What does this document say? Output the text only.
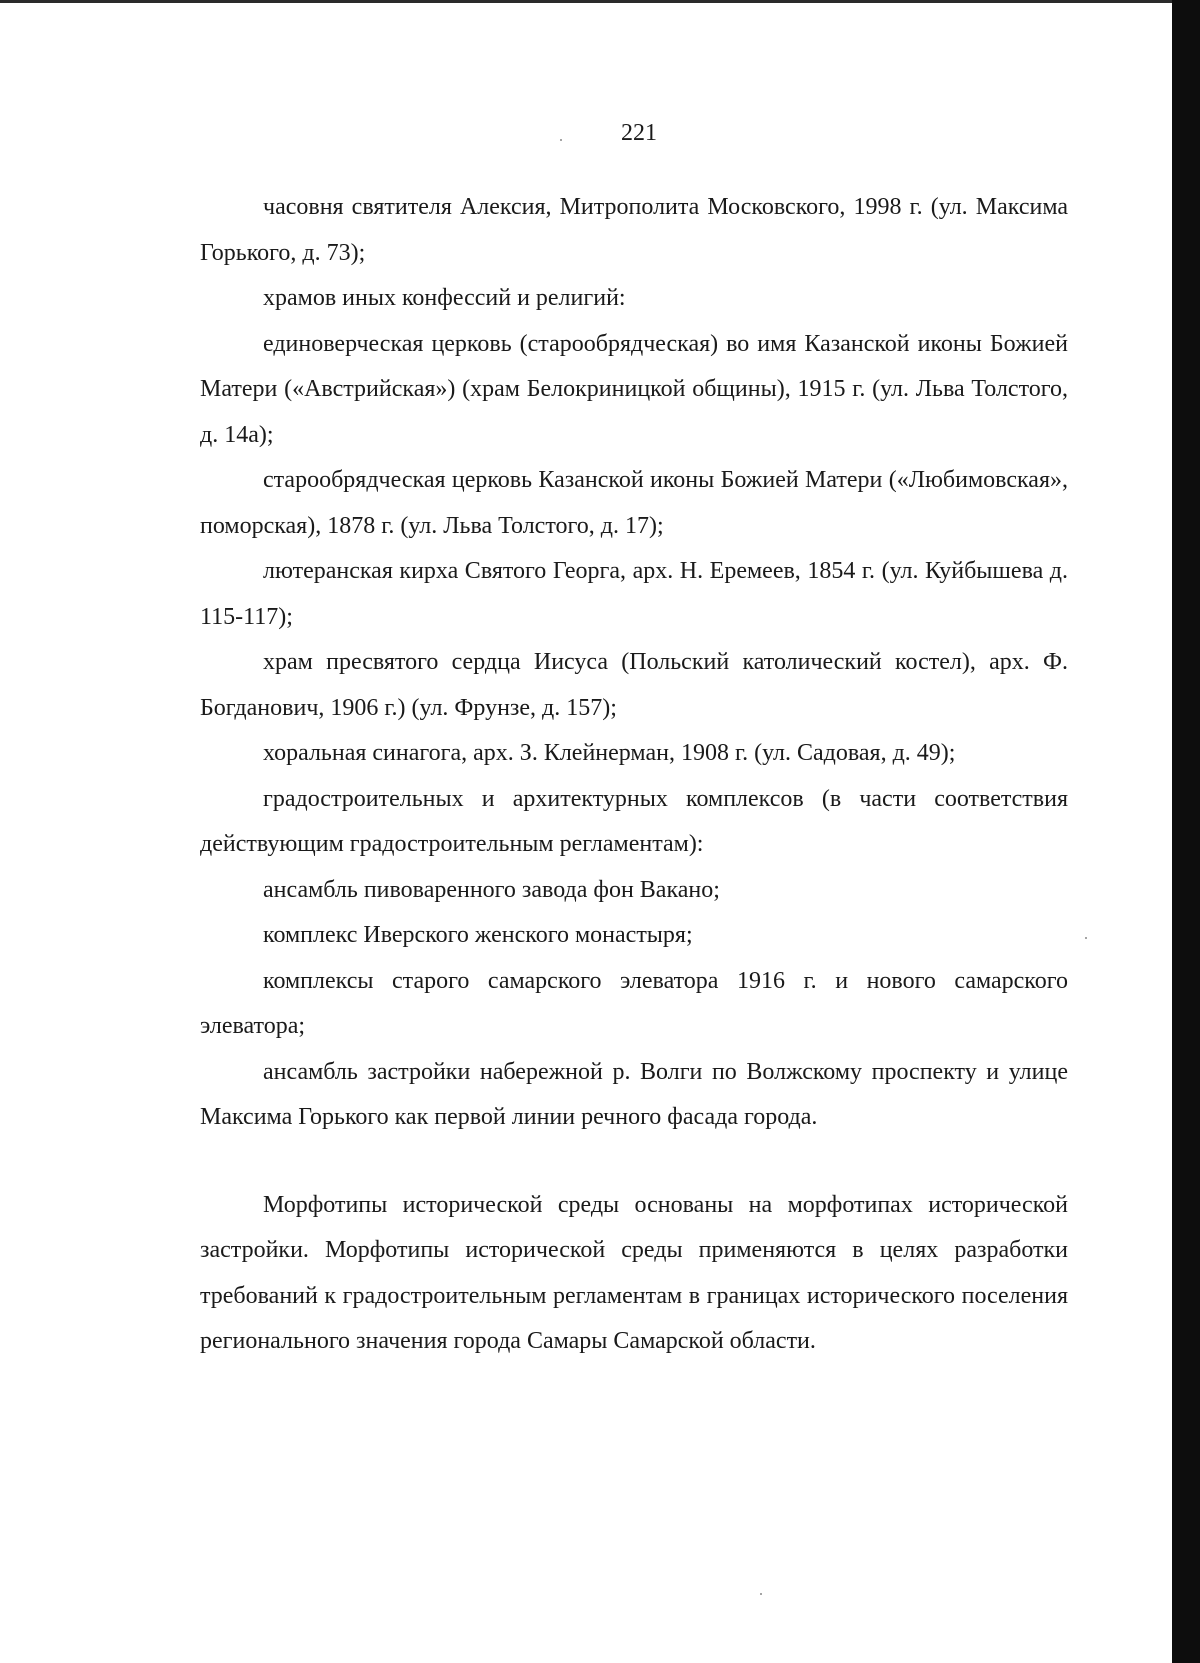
221

часовня святителя Алексия, Митрополита Московского, 1998 г. (ул. Максима Горького, д. 73);

храмов иных конфессий и религий:

единоверческая церковь (старообрядческая) во имя Казанской иконы Божией Матери («Австрийская») (храм Белокриницкой общины), 1915 г. (ул. Льва Толстого, д. 14а);

старообрядческая церковь Казанской иконы Божией Матери («Любимовская», поморская), 1878 г. (ул. Льва Толстого, д. 17);

лютеранская кирха Святого Георга, арх. Н. Еремеев, 1854 г. (ул. Куйбышева д. 115-117);

храм пресвятого сердца Иисуса (Польский католический костел), арх. Ф. Богданович, 1906 г.) (ул. Фрунзе, д. 157);

хоральная синагога, арх. З. Клейнерман, 1908 г. (ул. Садовая, д. 49);

градостроительных и архитектурных комплексов (в части соответствия действующим градостроительным регламентам):

ансамбль пивоваренного завода фон Вакано;

комплекс Иверского женского монастыря;

комплексы старого самарского элеватора 1916 г. и нового самарского элеватора;

ансамбль застройки набережной р. Волги по Волжскому проспекту и улице Максима Горького как первой линии речного фасада города.

Морфотипы исторической среды основаны на морфотипах исторической застройки. Морфотипы исторической среды применяются в целях разработки требований к градостроительным регламентам в границах исторического поселения регионального значения города Самары Самарской области.
